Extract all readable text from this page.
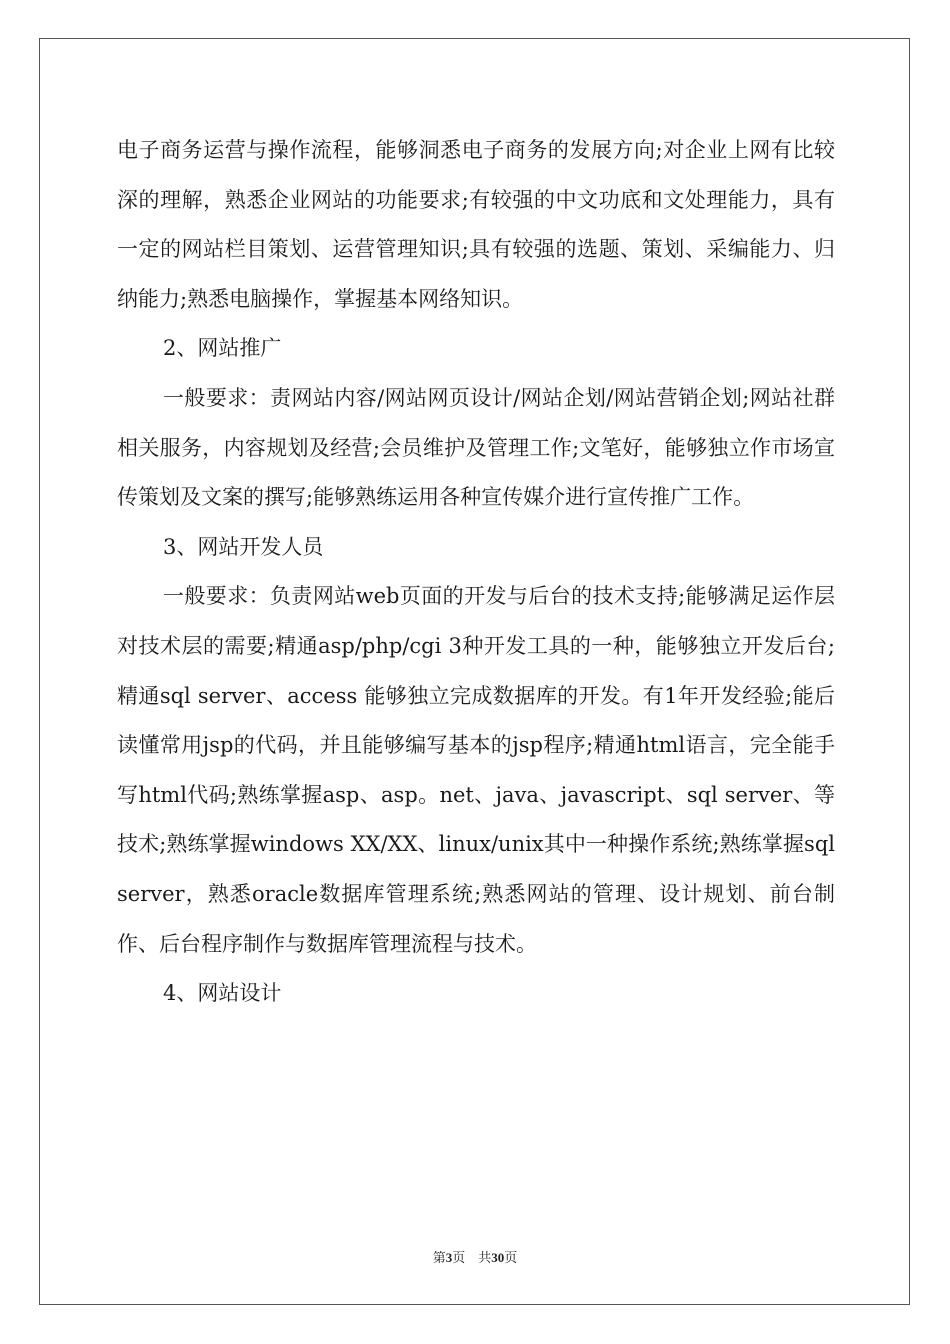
电子商务运营与操作流程，能够洞悉电子商务的发展方向;对企业上网有比较深的理解，熟悉企业网站的功能要求;有较强的中文功底和文处理能力，具有一定的网站栏目策划、运营管理知识;具有较强的选题、策划、采编能力、归纳能力;熟悉电脑操作，掌握基本网络知识。

2、网站推广

一般要求：责网站内容/网站网页设计/网站企划/网站营销企划;网站社群相关服务，内容规划及经营;会员维护及管理工作;文笔好，能够独立作市场宣传策划及文案的撰写;能够熟练运用各种宣传媒介进行宣传推广工作。

3、网站开发人员

一般要求：负责网站web页面的开发与后台的技术支持;能够满足运作层对技术层的需要;精通asp/php/cgi 3种开发工具的一种，能够独立开发后台;精通sql server、access 能够独立完成数据库的开发。有1年开发经验;能后读懂常用jsp的代码，并且能够编写基本的jsp程序;精通html语言，完全能手写html代码;熟练掌握asp、asp。net、java、javascript、sql server、等技术;熟练掌握windows XX/XX、linux/unix其中一种操作系统;熟练掌握sql server，熟悉oracle数据库管理系统;熟悉网站的管理、设计规划、前台制作、后台程序制作与数据库管理流程与技术。

4、网站设计

第3页　共30页
